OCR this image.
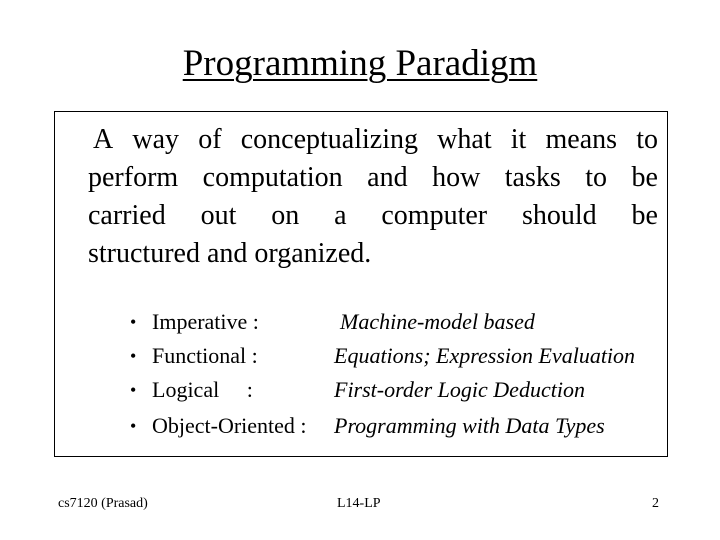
Programming Paradigm
A way of conceptualizing what it means to
perform computation and how tasks to be
carried out on a computer should be
structured and organized.
• Imperative :	Machine-model based
• Functional :	Equations; Expression Evaluation
• Logical     :	First-order Logic Deduction
• Object-Oriented : Programming with Data Types
cs7120 (Prasad)	L14-LP	2
